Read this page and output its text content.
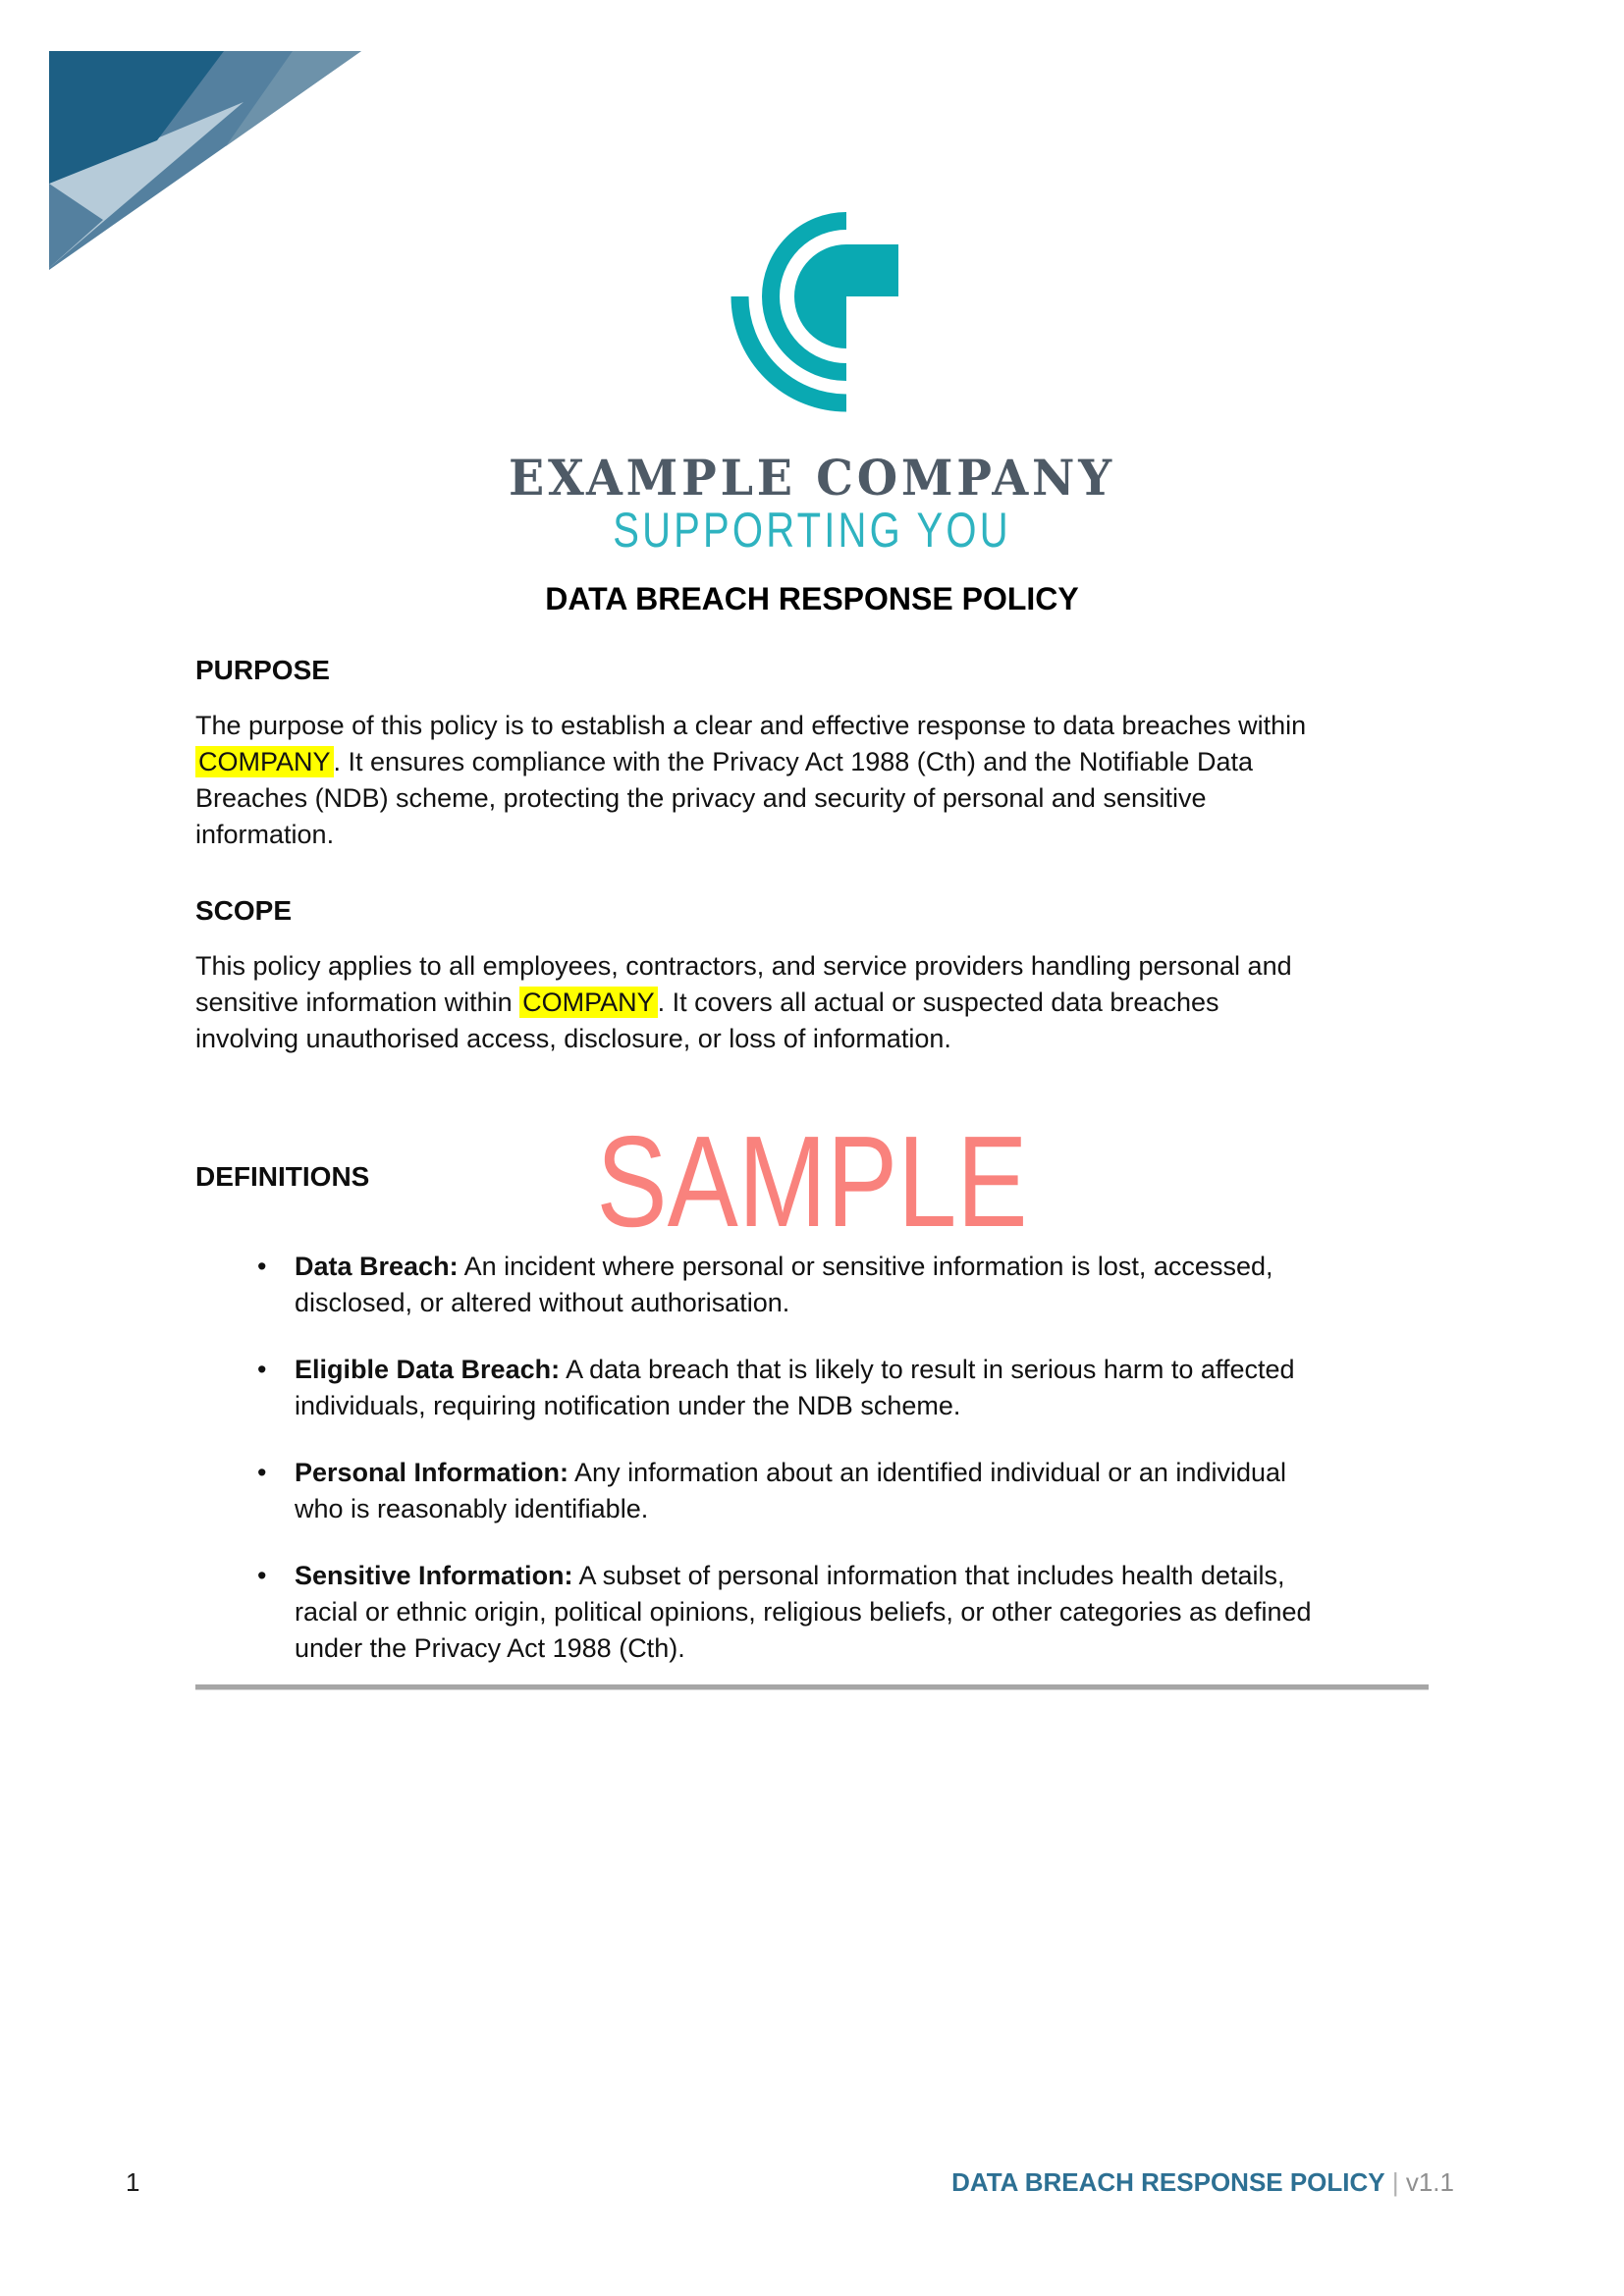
EXAMPLE COMPANY
SUPPORTING YOU
DATA BREACH RESPONSE POLICY
PURPOSE
The purpose of this policy is to establish a clear and effective response to data breaches within
COMPANY . It ensures compliance with the Privacy Act 1988 (Cth) and the Notifiable Data
Breaches (NDB) scheme, protecting the privacy and security of personal and sensitive
information.
SCOPE
This policy applies to all employees, contractors, and service providers handling personal and
sensitive information within COMPANY . It covers all actual or suspected data breaches
involving unauthorised access, disclosure, or loss of information.
DEFINITIONS SAMPLE
• Data Breach: An incident where personal or sensitive information is lost, accessed,
disclosed, or altered without authorisation.
• Eligible Data Breach: A data breach that is likely to result in serious harm to affected
individuals, requiring notification under the NDB scheme.
• Personal Information: Any information about an identified individual or an individual
who is reasonably identifiable.
• Sensitive Information: A subset of personal information that includes health details,
racial or ethnic origin, political opinions, religious beliefs, or other categories as defined
under the Privacy Act 1988 (Cth).
1	DATA BREACH RESPONSE POLICY | v1.1
